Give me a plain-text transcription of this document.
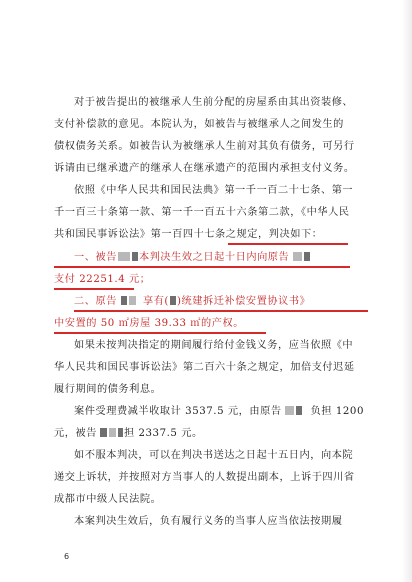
对于被告提出的被继承人生前分配的房屋系由其出资装修、
支付补偿款的意见。本院认为，如被告与被继承人之间发生的
债权债务关系。如被告认为被继承人生前对其负有债务，可另行
诉请由已继承遗产的继承人在继承遗产的范围内承担支付义务。
依照《中华人民共和国民法典》第一千一百二十七条、第一
千一百三十条第一款、第一千一百五十六条第二款，《中华人民
共和国民事诉讼法》第一百四十七条之规定，判决如下：
一、被告 本判决生效之日起十日内向原告
支付 22251.4 元；
二、原告	享有( )统建拆迁补偿安置协议书》
中安置的 50 ㎡房屋 39.33 ㎡的产权。
如果未按判决指定的期间履行给付金钱义务，应当依照《中
华人民共和国民事诉讼法》第二百六十条之规定，加倍支付迟延
履行期间的债务利息。
案件受理费减半收取计 3537.5 元，由原告	负担 1200
元，被告	担 2337.5 元。
如不服本判决，可以在判决书送达之日起十五日内，向本院
递交上诉状，并按照对方当事人的人数提出副本，上诉于四川省
成都市中级人民法院。
本案判决生效后，负有履行义务的当事人应当依法按期履
6
